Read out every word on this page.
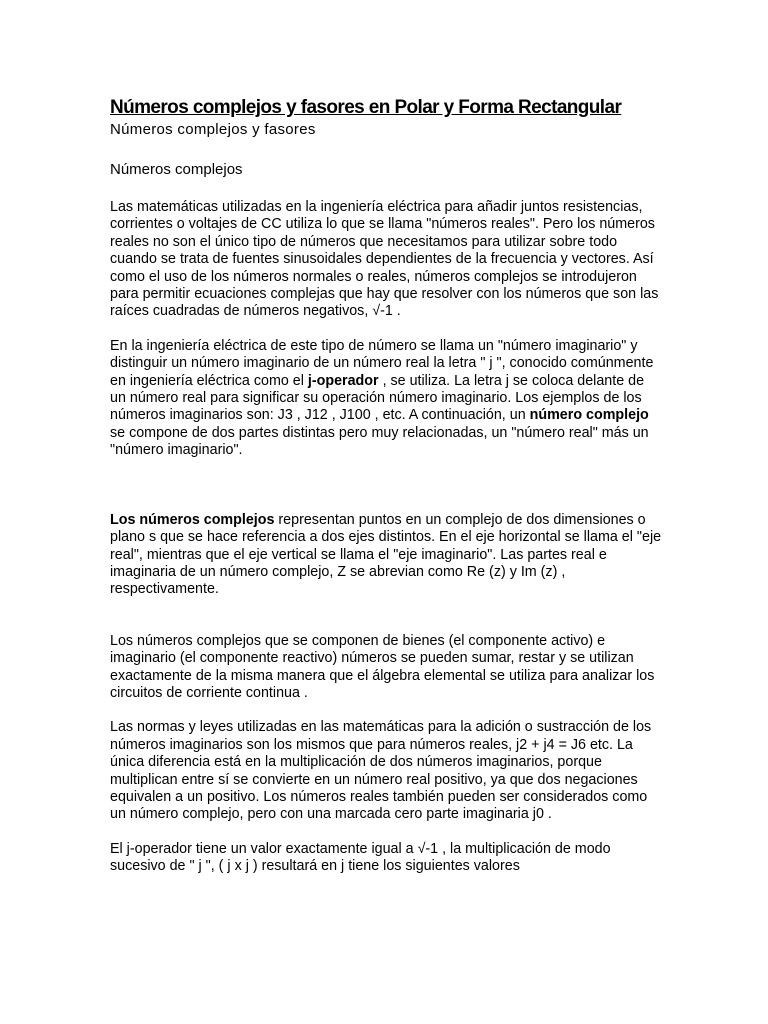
Números complejos y fasores en Polar y Forma Rectangular
Números complejos y fasores
Números complejos

Las matemáticas utilizadas en la ingeniería eléctrica para añadir juntos resistencias, corrientes o voltajes de CC utiliza lo que se llama "números reales". Pero los números reales no son el único tipo de números que necesitamos para utilizar sobre todo cuando se trata de fuentes sinusoidales dependientes de la frecuencia y vectores. Así como el uso de los números normales o reales, números complejos se introdujeron para permitir ecuaciones complejas que hay que resolver con los números que son las raíces cuadradas de números negativos, √-1 .

En la ingeniería eléctrica de este tipo de número se llama un "número imaginario" y distinguir un número imaginario de un número real la letra " j ", conocido comúnmente en ingeniería eléctrica como el j-operador , se utiliza. La letra j se coloca delante de un número real para significar su operación número imaginario. Los ejemplos de los números imaginarios son: J3 , J12 , J100 , etc. A continuación, un número complejo se compone de dos partes distintas pero muy relacionadas, un "número real" más un "número imaginario".

Los números complejos representan puntos en un complejo de dos dimensiones o plano s que se hace referencia a dos ejes distintos. En el eje horizontal se llama el "eje real", mientras que el eje vertical se llama el "eje imaginario". Las partes real e imaginaria de un número complejo, Z se abrevian como Re (z) y Im (z) , respectivamente.

Los números complejos que se componen de bienes (el componente activo) e imaginario (el componente reactivo) números se pueden sumar, restar y se utilizan exactamente de la misma manera que el álgebra elemental se utiliza para analizar los circuitos de corriente continua .

Las normas y leyes utilizadas en las matemáticas para la adición o sustracción de los números imaginarios son los mismos que para números reales, j2 + j4 = J6 etc. La única diferencia está en la multiplicación de dos números imaginarios, porque multiplican entre sí se convierte en un número real positivo, ya que dos negaciones equivalen a un positivo. Los números reales también pueden ser considerados como un número complejo, pero con una marcada cero parte imaginaria j0 .

El j-operador tiene un valor exactamente igual a √-1 , la multiplicación de modo sucesivo de " j ", ( j x j ) resultará en j tiene los siguientes valores
